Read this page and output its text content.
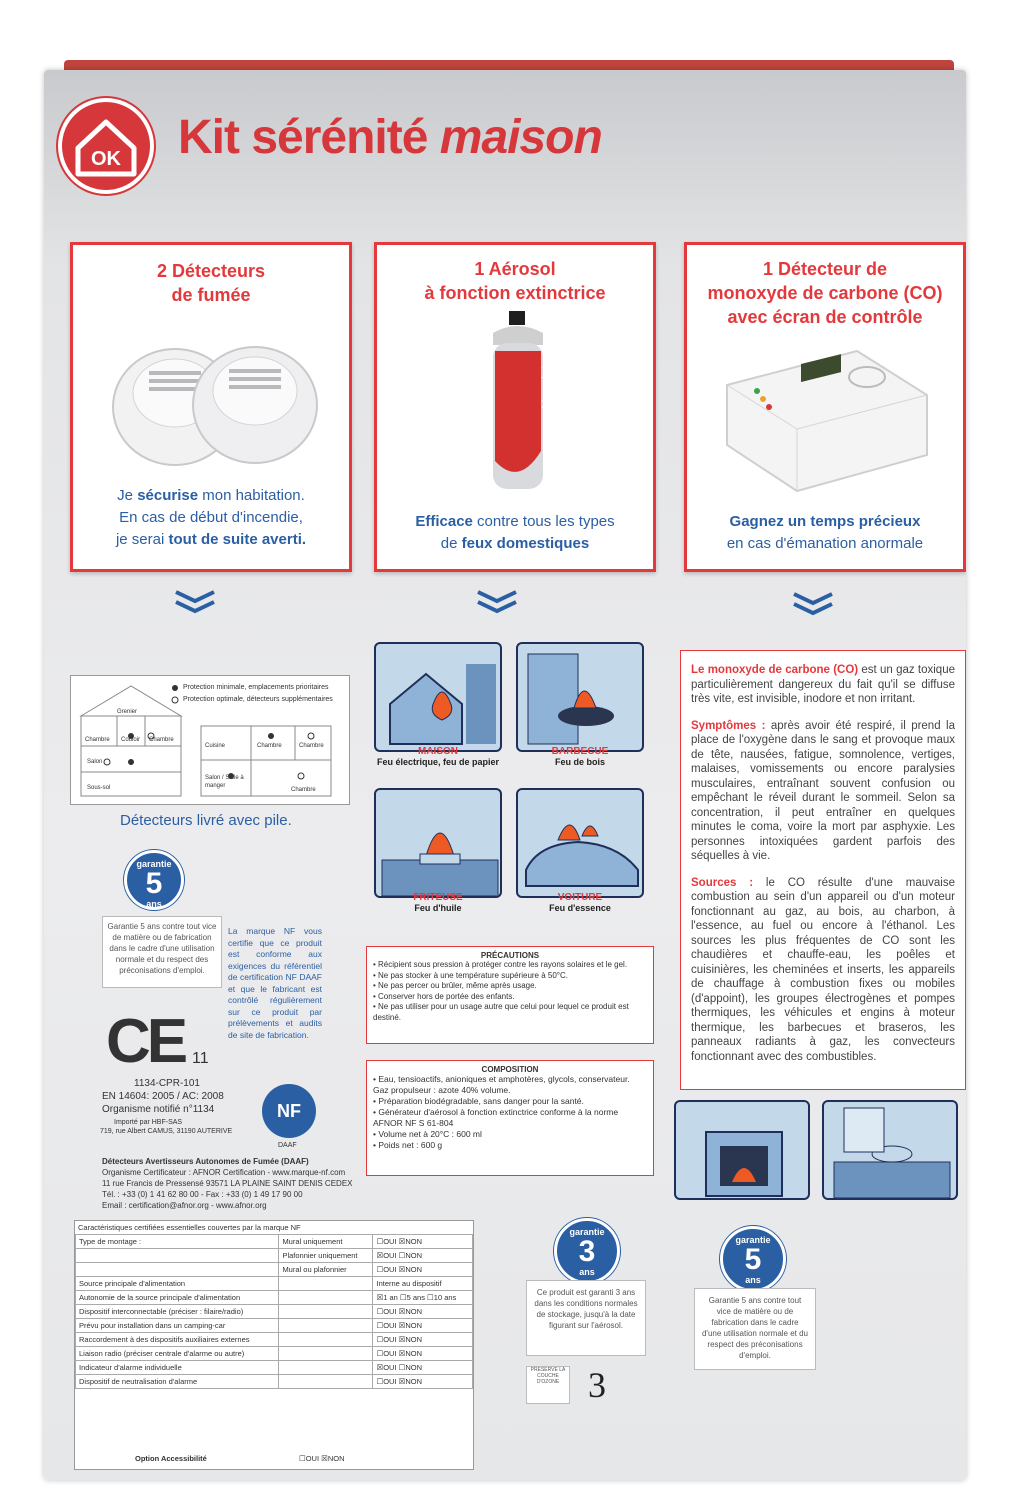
OK	Kit sérénité maison
2 Détecteurs
de fumée
Je sécurise mon habitation.
En cas de début d'incendie,
je serai tout de suite averti.
1 Aérosol
à fonction extinctrice
Aérosol stop-feu
Efficace contre tous les types
de feux domestiques
1 Détecteur de
monoxyde de carbone (CO)
avec écran de contrôle
Gagnez un temps précieux
en cas d'émanation anormale
Protection minimale, emplacements prioritaires
Protection optimale, détecteurs supplémentaires
Grenier
Chambre Couloir Chambre
Salon
Sous-sol
Cuisine	Chambre	Chambre
Salon / Salle à manger
Chambre
Détecteurs livré avec pile.
garantie
5
ans
Garantie 5 ans contre tout vice de matière ou de fabrication dans le cadre d'une utilisation normale et du respect des préconisations d'emploi.
La marque NF vous certifie que ce produit est conforme aux exigences du référentiel de certification NF DAAF et que le fabricant est contrôlé régulièrement sur ce produit par prélèvements et audits de site de fabrication.
CE 11
1134-CPR-101
EN 14604: 2005 / AC: 2008
Organisme notifié n°1134
Importé par HBF-SAS
719, rue Albert CAMUS, 31190 AUTERIVE
NF
DAAF
Détecteurs Avertisseurs Autonomes de Fumée (DAAF)
Organisme Certificateur : AFNOR Certification - www.marque-nf.com
11 rue Francis de Pressensé 93571 LA PLAINE SAINT DENIS CEDEX
Tél. : +33 (0) 1 41 62 80 00 - Fax : +33 (0) 1 49 17 90 00
Email : certification@afnor.org - www.afnor.org
Caractéristiques certifiées essentielles couvertes par la marque NF
Type de montage :	Mural uniquement	☐OUI ☒NON
	Plafonnier uniquement	☒OUI ☐NON
	Mural ou plafonnier	☐OUI ☒NON
Source principale d'alimentation		Interne au dispositif
Autonomie de la source principale d'alimentation		☒1 an ☐5 ans ☐10 ans
Dispositif interconnectable (préciser : filaire/radio)		☐OUI ☒NON
Prévu pour installation dans un camping-car		☐OUI ☒NON
Raccordement à des dispositifs auxiliaires externes		☐OUI ☒NON
Liaison radio (préciser centrale d'alarme ou autre)		☐OUI ☒NON
Indicateur d'alarme individuelle		☒OUI ☐NON
Dispositif de neutralisation d'alarme		☐OUI ☒NON
Option Accessibilité	☐OUI ☒NON
MAISON
Feu électrique, feu de papier
BARBECUE
Feu de bois
FRITEUSE
Feu d'huile
VOITURE
Feu d'essence
PRÉCAUTIONS
• Récipient sous pression à protéger contre les rayons solaires et le gel.
• Ne pas stocker à une température supérieure à 50°C.
• Ne pas percer ou brûler, même après usage.
• Conserver hors de portée des enfants.
• Ne pas utiliser pour un usage autre que celui pour lequel ce produit est destiné.
COMPOSITION
• Eau, tensioactifs, anioniques et amphotères, glycols, conservateur. Gaz propulseur : azote 40% volume.
• Préparation biodégradable, sans danger pour la santé.
• Générateur d'aérosol à fonction extinctrice conforme à la norme AFNOR NF S 61-804
• Volume net à 20°C : 600 ml
• Poids net : 600 g
garantie
3
ans
Ce produit est garanti 3 ans dans les conditions normales de stockage, jusqu'à la date figurant sur l'aérosol.
PRESERVE LA COUCHE D'OZONE 3

Le monoxyde de carbone (CO) est un gaz toxique particulièrement dangereux du fait qu'il se diffuse très vite, est invisible, inodore et non irritant.

Symptômes : après avoir été respiré, il prend la place de l'oxygène dans le sang et provoque maux de tête, nausées, fatigue, somnolence, vertiges, malaises, vomissements ou encore paralysies musculaires, entraînant souvent confusion ou empêchant le réveil durant le sommeil. Selon sa concentration, il peut entraîner en quelques minutes le coma, voire la mort par asphyxie. Les personnes intoxiquées gardent parfois des séquelles à vie.

Sources : le CO résulte d'une mauvaise combustion au sein d'un appareil ou d'un moteur fonctionnant au gaz, au bois, au charbon, à l'essence, au fuel ou encore à l'éthanol. Les sources les plus fréquentes de CO sont les chaudières et chauffe-eau, les poêles et cuisinières, les cheminées et inserts, les appareils de chauffage à combustion fixes ou mobiles (d'appoint), les groupes électrogènes et pompes thermiques, les véhicules et engins à moteur thermique, les barbecues et braseros, les panneaux radiants à gaz, les convecteurs fonctionnant avec des combustibles.

garantie
5
ans
Garantie 5 ans contre tout vice de matière ou de fabrication dans le cadre d'une utilisation normale et du respect des préconisations d'emploi.
